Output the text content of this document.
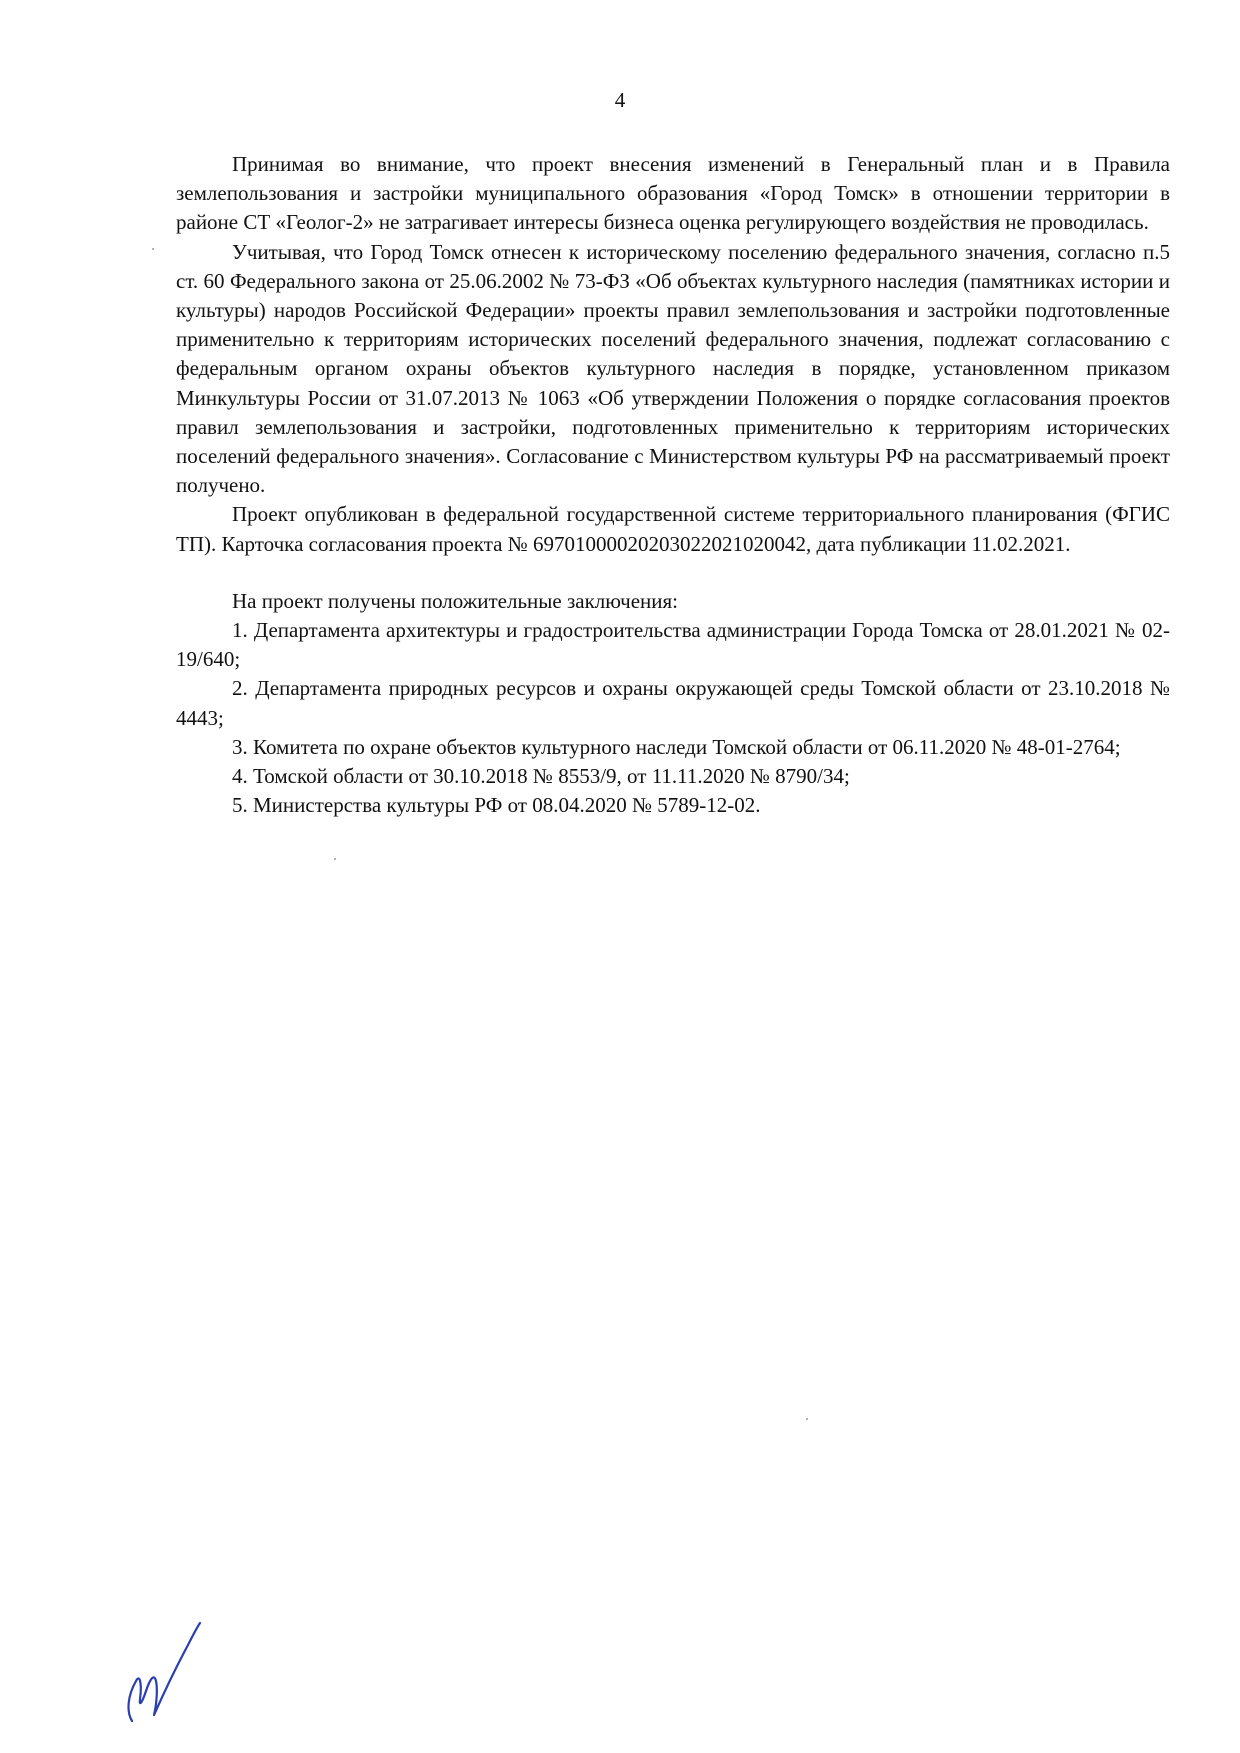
4

Принимая во внимание, что проект внесения изменений в Генеральный план и в Правила землепользования и застройки муниципального образования «Город Томск» в отношении территории в районе СТ «Геолог-2» не затрагивает интересы бизнеса оценка регулирующего воздействия не проводилась.

Учитывая, что Город Томск отнесен к историческому поселению федерального значения, согласно п.5 ст. 60 Федерального закона от 25.06.2002 № 73-ФЗ «Об объектах культурного наследия (памятниках истории и культуры) народов Российской Федерации» проекты правил землепользования и застройки подготовленные применительно к территориям исторических поселений федерального значения, подлежат согласованию с федеральным органом охраны объектов культурного наследия в порядке, установленном приказом Минкультуры России от 31.07.2013 № 1063 «Об утверждении Положения о порядке согласования проектов правил землепользования и застройки, подготовленных применительно к территориям исторических поселений федерального значения». Согласование с Министерством культуры РФ на рассматриваемый проект получено.

Проект опубликован в федеральной государственной системе территориального планирования (ФГИС ТП). Карточка согласования проекта № 69701000020203022021020042, дата публикации 11.02.2021.

На проект получены положительные заключения:

1. Департамента архитектуры и градостроительства администрации Города Томска от 28.01.2021 № 02-19/640;
2. Департамента природных ресурсов и охраны окружающей среды Томской области от 23.10.2018 № 4443;
3. Комитета по охране объектов культурного наследи Томской области от 06.11.2020 № 48-01-2764;
4. Томской области от 30.10.2018 № 8553/9, от 11.11.2020 № 8790/34;
5. Министерства культуры РФ от 08.04.2020 № 5789-12-02.
